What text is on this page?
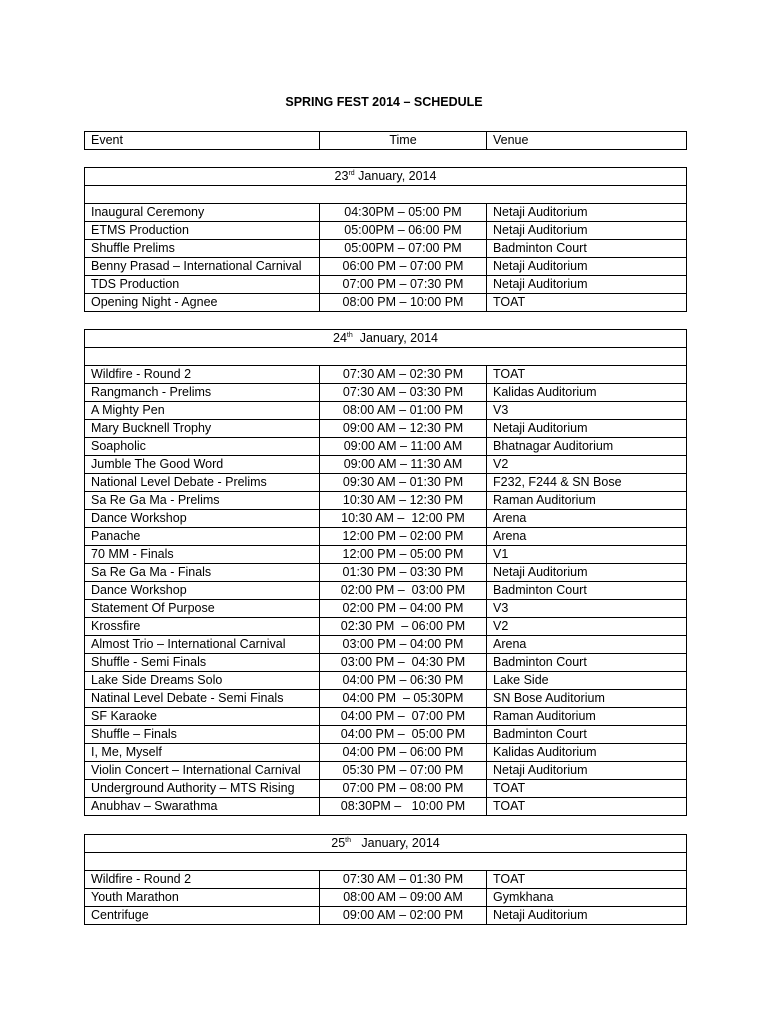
SPRING FEST 2014 – SCHEDULE
Event	Time	Venue
23rd January, 2014		

Inaugural Ceremony	04:30PM – 05:00 PM	Netaji Auditorium
ETMS Production	05:00PM – 06:00 PM	Netaji Auditorium
Shuffle Prelims	05:00PM – 07:00 PM	Badminton Court
Benny Prasad – International Carnival	06:00 PM – 07:00 PM	Netaji Auditorium
TDS Production	07:00 PM – 07:30 PM	Netaji Auditorium
Opening Night - Agnee	08:00 PM – 10:00 PM	TOAT
24th  January, 2014		

Wildfire - Round 2	07:30 AM – 02:30 PM	TOAT
Rangmanch - Prelims	07:30 AM – 03:30 PM	Kalidas Auditorium
A Mighty Pen	08:00 AM – 01:00 PM	V3
Mary Bucknell Trophy	09:00 AM – 12:30 PM	Netaji Auditorium
Soapholic	09:00 AM – 11:00 AM	Bhatnagar Auditorium
Jumble The Good Word	09:00 AM – 11:30 AM	V2
National Level Debate - Prelims	09:30 AM – 01:30 PM	F232, F244 & SN Bose
Sa Re Ga Ma - Prelims	10:30 AM – 12:30 PM	Raman Auditorium
Dance Workshop	10:30 AM –  12:00 PM	Arena
Panache	12:00 PM – 02:00 PM	Arena
70 MM - Finals	12:00 PM – 05:00 PM	V1
Sa Re Ga Ma - Finals	01:30 PM – 03:30 PM	Netaji Auditorium
Dance Workshop	02:00 PM –  03:00 PM	Badminton Court
Statement Of Purpose	02:00 PM – 04:00 PM	V3
Krossfire	02:30 PM  – 06:00 PM	V2
Almost Trio – International Carnival	03:00 PM – 04:00 PM	Arena
Shuffle - Semi Finals	03:00 PM –  04:30 PM	Badminton Court
Lake Side Dreams Solo	04:00 PM – 06:30 PM	Lake Side
Natinal Level Debate - Semi Finals	04:00 PM  – 05:30PM	SN Bose Auditorium
SF Karaoke	04:00 PM –  07:00 PM	Raman Auditorium
Shuffle – Finals	04:00 PM –  05:00 PM	Badminton Court
I, Me, Myself	04:00 PM – 06:00 PM	Kalidas Auditorium
Violin Concert – International Carnival	05:30 PM – 07:00 PM	Netaji Auditorium
Underground Authority – MTS Rising	07:00 PM – 08:00 PM	TOAT
Anubhav – Swarathma	08:30PM –   10:00 PM	TOAT
25th   January, 2014		

Wildfire - Round 2	07:30 AM – 01:30 PM	TOAT
Youth Marathon	08:00 AM – 09:00 AM	Gymkhana
Centrifuge	09:00 AM – 02:00 PM	Netaji Auditorium
